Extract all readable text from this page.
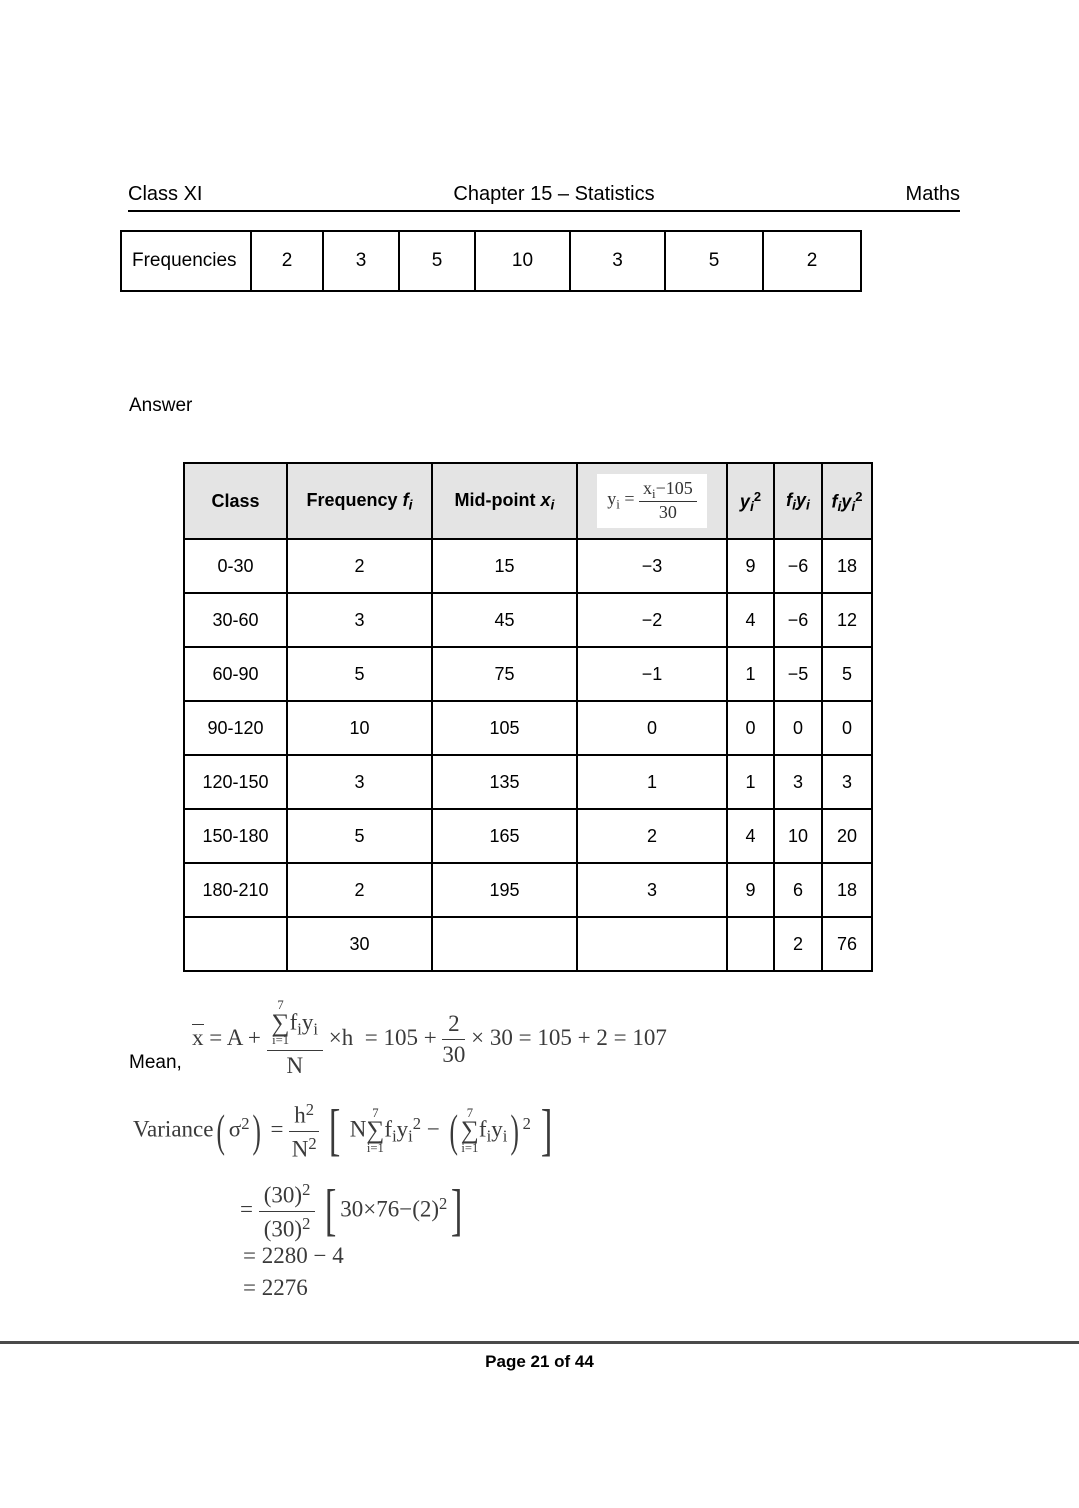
Class XI	Chapter 15 – Statistics	Maths
Frequencies	2	3	5	10	3	5	2
Answer
Class	Frequency fi	Mid-point xi	$y_i = \frac{x_i-105}{30}$	$yi^2$	fiyi	fiyi$^2$
0-30	2	15	−3	9	−6	18
30-60	3	45	−2	4	−6	12
60-90	5	75	−1	1	−5	5
90-120	10	105	0	0	0	0
120-150	3	135	1	1	3	3
150-180	5	165	2	4	10	20
180-210	2	195	3	9	6	18
	30				2	76
x = A + 7
∑
i=1
$f_iy_i$
$N \times h = 105 + \frac{2}{30} \times 30 = 105 + 2 = 107$
Mean,
Variance( $\sigma^2) = \frac{h^2}{N^2}$ [ N
7
∑
i=1
$f_iy_i^2$ − ( 7
∑
i=1
$f_iy_i$) $^2$ ]
= $\frac{(30)^2}{(30)^2}$ [ $30\times 76-(2)^2$]
= 2280 − 4
= 2276
Page 21 of 44
